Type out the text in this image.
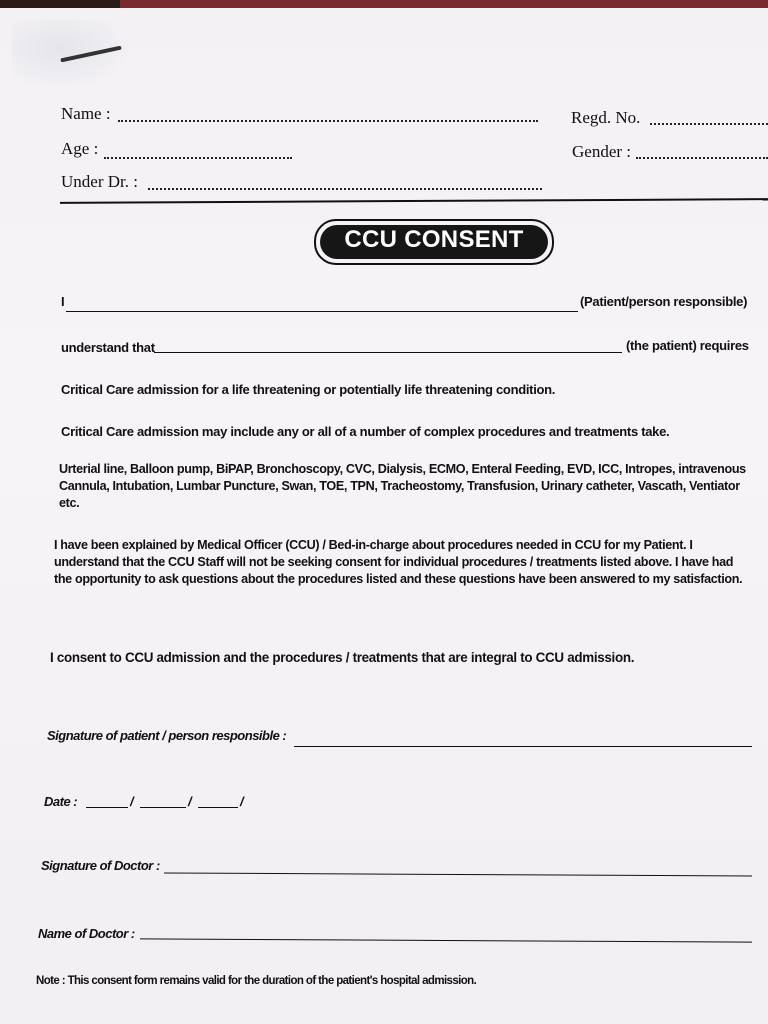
Name :	Regd. No.
Age :	Gender :
Under Dr. :
CCU CONSENT
I	(Patient/person responsible)
understand that	(the patient) requires
Critical Care admission for a life threatening or potentially life threatening condition.
Critical Care admission may include any or all of a number of complex procedures and treatments take.
Urterial line, Balloon pump, BiPAP, Bronchoscopy, CVC, Dialysis, ECMO, Enteral Feeding, EVD, ICC, Intropes, intravenous Cannula, Intubation, Lumbar Puncture, Swan, TOE, TPN, Tracheostomy, Transfusion, Urinary catheter, Vascath, Ventiator etc.
I have been explained by Medical Officer (CCU) / Bed-in-charge about procedures needed in CCU for my Patient. I understand that the CCU Staff will not be seeking consent for individual procedures / treatments listed above. I have had the opportunity to ask questions about the procedures listed and these questions have been answered to my satisfaction.
I consent to CCU admission and the procedures / treatments that are integral to CCU admission.
Signature of patient / person responsible :
Date :	/	/	/
Signature of Doctor :
Name of Doctor :
Note : This consent form remains valid for the duration of the patient's hospital admission.
